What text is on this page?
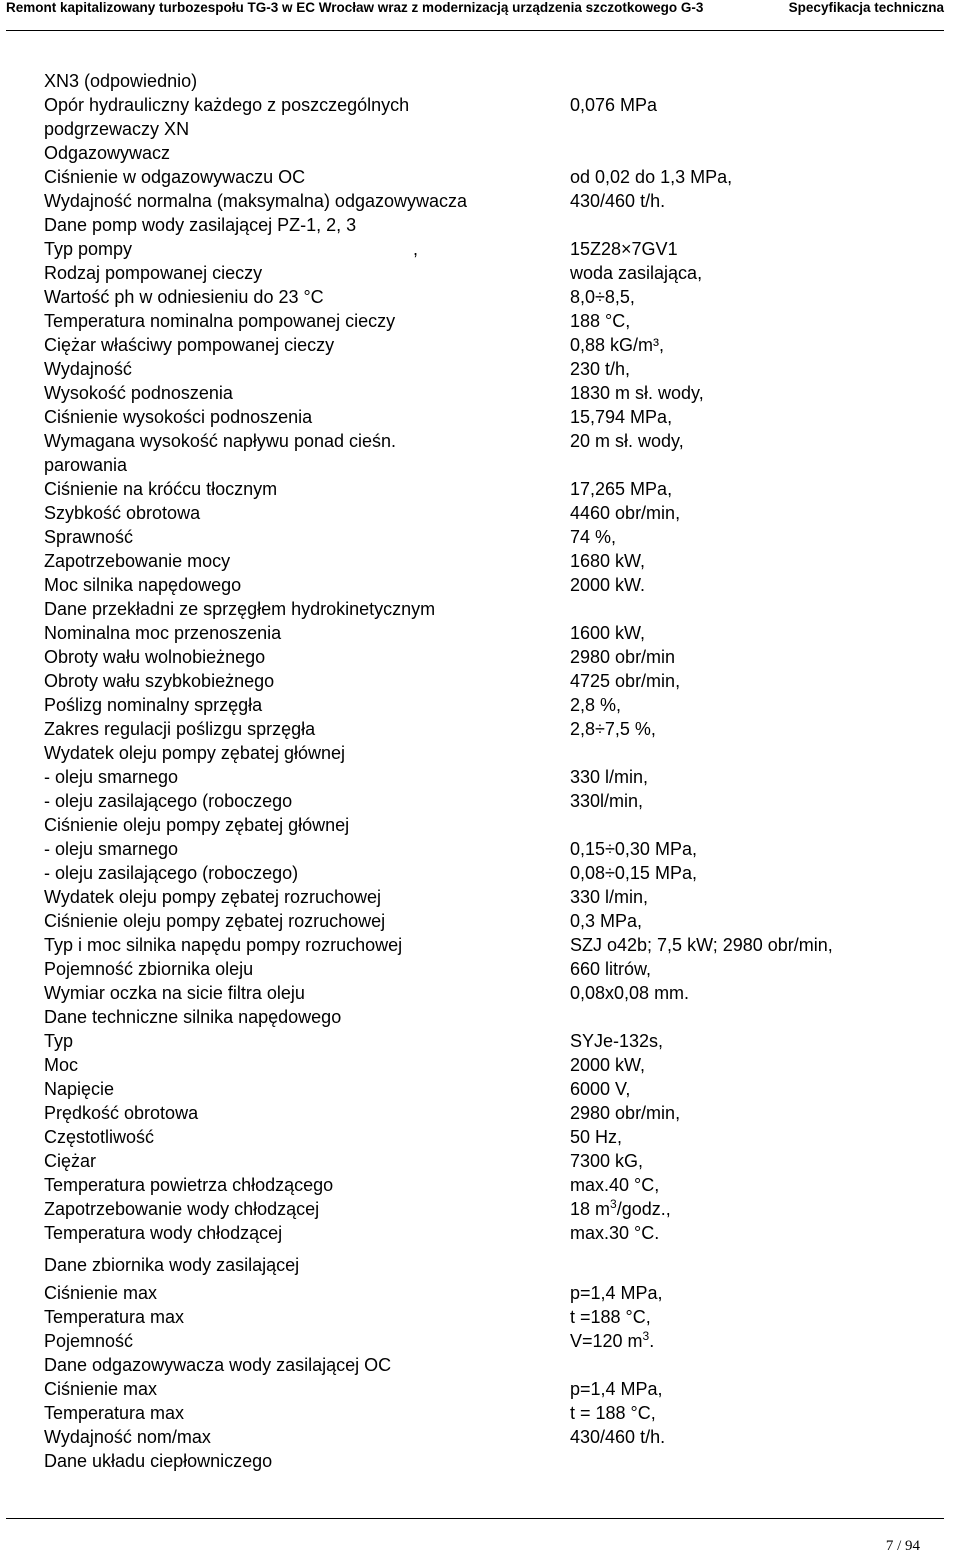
Remont kapitalizowany turbozespołu TG-3 w EC Wrocław wraz z modernizacją urządzenia szczotkowego G-3	Specyfikacja techniczna
XN3 (odpowiednio)
Opór hydrauliczny każdego z poszczególnych	0,076 MPa
podgrzewaczy XN
Odgazowywacz
Ciśnienie w odgazowywaczu OC	od 0,02 do 1,3 MPa,
Wydajność normalna (maksymalna) odgazowywacza	430/460 t/h.
Dane pomp wody zasilającej PZ-1, 2, 3
Typ pompy	,	15Z28×7GV1
Rodzaj pompowanej cieczy	woda zasilająca,
Wartość ph w odniesieniu do 23 °C	8,0÷8,5,
Temperatura nominalna pompowanej cieczy	188 °C,
Ciężar właściwy pompowanej cieczy	0,88 kG/m³,
Wydajność	230 t/h,
Wysokość podnoszenia	1830 m sł. wody,
Ciśnienie wysokości podnoszenia	15,794 MPa,
Wymagana wysokość napływu ponad cieśn.	20 m sł. wody,
parowania
Ciśnienie na króćcu tłocznym	17,265 MPa,
Szybkość obrotowa	4460 obr/min,
Sprawność	74 %,
Zapotrzebowanie mocy	1680 kW,
Moc silnika napędowego	2000 kW.
Dane przekładni ze sprzęgłem hydrokinetycznym
Nominalna moc przenoszenia	1600 kW,
Obroty wału wolnobieżnego	2980 obr/min
Obroty wału szybkobieżnego	4725 obr/min,
Poślizg nominalny sprzęgła	2,8 %,
Zakres regulacji poślizgu sprzęgła	2,8÷7,5 %,
Wydatek oleju pompy zębatej głównej
- oleju smarnego	330 l/min,
- oleju zasilającego (roboczego	330l/min,
Ciśnienie oleju pompy zębatej głównej
- oleju smarnego	0,15÷0,30 MPa,
- oleju zasilającego (roboczego)	0,08÷0,15 MPa,
Wydatek oleju pompy zębatej rozruchowej	330 l/min,
Ciśnienie oleju pompy zębatej rozruchowej	0,3 MPa,
Typ i moc silnika napędu pompy rozruchowej	SZJ o42b; 7,5 kW; 2980 obr/min,
Pojemność zbiornika oleju	660 litrów,
Wymiar oczka na sicie filtra oleju	0,08x0,08 mm.
Dane techniczne silnika napędowego
Typ	SYJe-132s,
Moc	2000 kW,
Napięcie	6000 V,
Prędkość obrotowa	2980 obr/min,
Częstotliwość	50 Hz,
Ciężar	7300 kG,
Temperatura powietrza chłodzącego	max.40 °C,
Zapotrzebowanie wody chłodzącej	18 $m^3$/godz.,
Temperatura wody chłodzącej	max.30 °C.
Dane zbiornika wody zasilającej
Ciśnienie max	p=1,4 MPa,
Temperatura max	t =188 °C,
Pojemność	V=120 $m^3$.
Dane odgazowywacza wody zasilającej OC
Ciśnienie max	p=1,4 MPa,
Temperatura max	t = 188 °C,
Wydajność nom/max	430/460 t/h.
Dane układu ciepłowniczego
7 / 94
